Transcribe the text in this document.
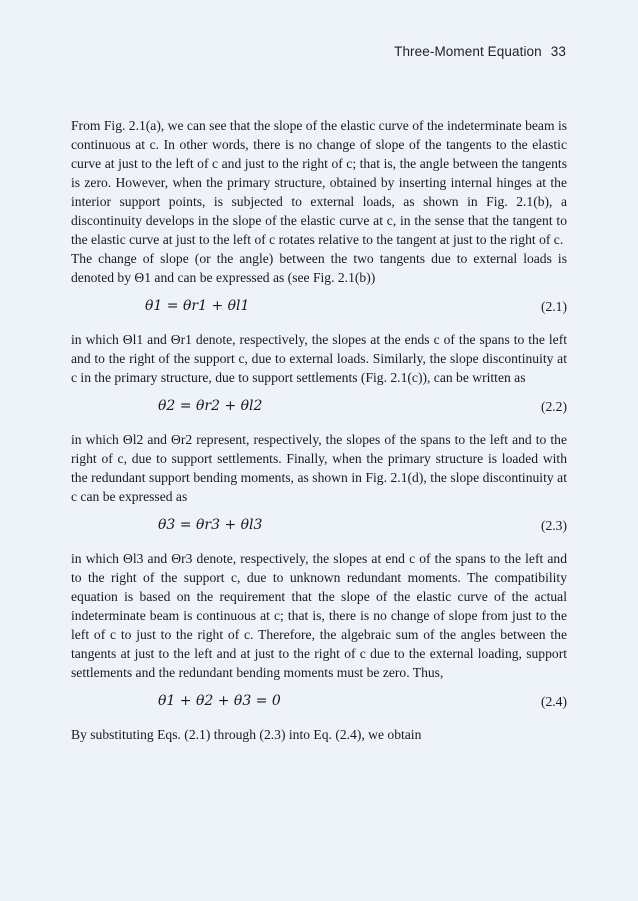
Three-Moment Equation 33

From Fig. 2.1(a), we can see that the slope of the elastic curve of the indeterminate beam is continuous at c. In other words, there is no change of slope of the tangents to the elastic curve at just to the left of c and just to the right of c; that is, the angle between the tangents is zero. However, when the primary structure, obtained by inserting internal hinges at the interior support points, is subjected to external loads, as shown in Fig. 2.1(b), a discontinuity develops in the slope of the elastic curve at c, in the sense that the tangent to the elastic curve at just to the left of c rotates relative to the tangent at just to the right of c.

The change of slope (or the angle) between the two tangents due to external loads is denoted by Θ1 and can be expressed as (see Fig. 2.1(b))

θ1 = θr1 + θl1	(2.1)

in which Θl1 and Θr1 denote, respectively, the slopes at the ends c of the spans to the left and to the right of the support c, due to external loads. Similarly, the slope discontinuity at c in the primary structure, due to support settlements (Fig. 2.1(c)), can be written as

θ2 = θr2 + θl2	(2.2)

in which Θl2 and Θr2 represent, respectively, the slopes of the spans to the left and to the right of c, due to support settlements. Finally, when the primary structure is loaded with the redundant support bending moments, as shown in Fig. 2.1(d), the slope discontinuity at c can be expressed as

θ3 = θr3 + θl3	(2.3)

in which Θl3 and Θr3 denote, respectively, the slopes at end c of the spans to the left and to the right of the support c, due to unknown redundant moments. The compatibility equation is based on the requirement that the slope of the elastic curve of the actual indeterminate beam is continuous at c; that is, there is no change of slope from just to the left of c to just to the right of c. Therefore, the algebraic sum of the angles between the tangents at just to the left and at just to the right of c due to the external loading, support settlements and the redundant bending moments must be zero. Thus,

θ1 + θ2 + θ3 = 0	(2.4)

By substituting Eqs. (2.1) through (2.3) into Eq. (2.4), we obtain
